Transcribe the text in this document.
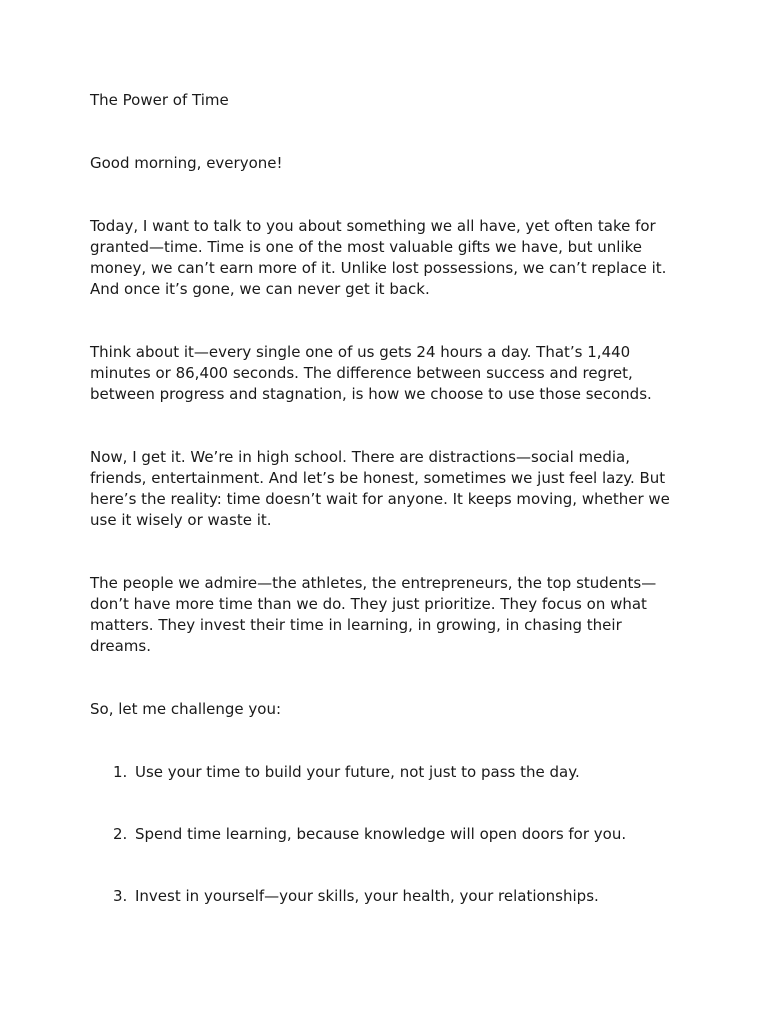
The Power of Time

Good morning, everyone!

Today, I want to talk to you about something we all have, yet often take for granted—time. Time is one of the most valuable gifts we have, but unlike money, we can’t earn more of it. Unlike lost possessions, we can’t replace it. And once it’s gone, we can never get it back.

Think about it—every single one of us gets 24 hours a day. That’s 1,440 minutes or 86,400 seconds. The difference between success and regret, between progress and stagnation, is how we choose to use those seconds.

Now, I get it. We’re in high school. There are distractions—social media, friends, entertainment. And let’s be honest, sometimes we just feel lazy. But here’s the reality: time doesn’t wait for anyone. It keeps moving, whether we use it wisely or waste it.

The people we admire—the athletes, the entrepreneurs, the top students—don’t have more time than we do. They just prioritize. They focus on what matters. They invest their time in learning, in growing, in chasing their dreams.

So, let me challenge you:

1. Use your time to build your future, not just to pass the day.
2. Spend time learning, because knowledge will open doors for you.
3. Invest in yourself—your skills, your health, your relationships.
